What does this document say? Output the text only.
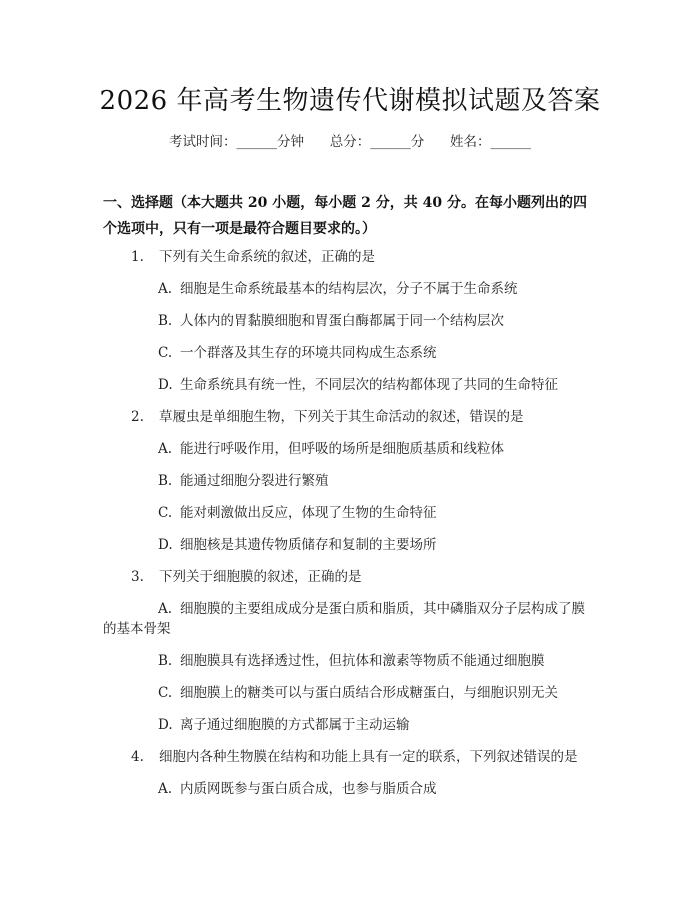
2026 年高考生物遗传代谢模拟试题及答案
考试时间：______分钟      总分：______分      姓名：______
一、选择题（本大题共 20 小题，每小题 2 分，共 40 分。在每小题列出的四个选项中，只有一项是最符合题目要求的。）
1. 下列有关生命系统的叙述，正确的是
A. 细胞是生命系统最基本的结构层次，分子不属于生命系统
B. 人体内的胃黏膜细胞和胃蛋白酶都属于同一个结构层次
C. 一个群落及其生存的环境共同构成生态系统
D. 生命系统具有统一性，不同层次的结构都体现了共同的生命特征
2. 草履虫是单细胞生物，下列关于其生命活动的叙述，错误的是
A. 能进行呼吸作用，但呼吸的场所是细胞质基质和线粒体
B. 能通过细胞分裂进行繁殖
C. 能对刺激做出反应，体现了生物的生命特征
D. 细胞核是其遗传物质储存和复制的主要场所
3. 下列关于细胞膜的叙述，正确的是
A. 细胞膜的主要组成成分是蛋白质和脂质，其中磷脂双分子层构成了膜
的基本骨架
B. 细胞膜具有选择透过性，但抗体和激素等物质不能通过细胞膜
C. 细胞膜上的糖类可以与蛋白质结合形成糖蛋白，与细胞识别无关
D. 离子通过细胞膜的方式都属于主动运输
4. 细胞内各种生物膜在结构和功能上具有一定的联系，下列叙述错误的是
A. 内质网既参与蛋白质合成，也参与脂质合成
